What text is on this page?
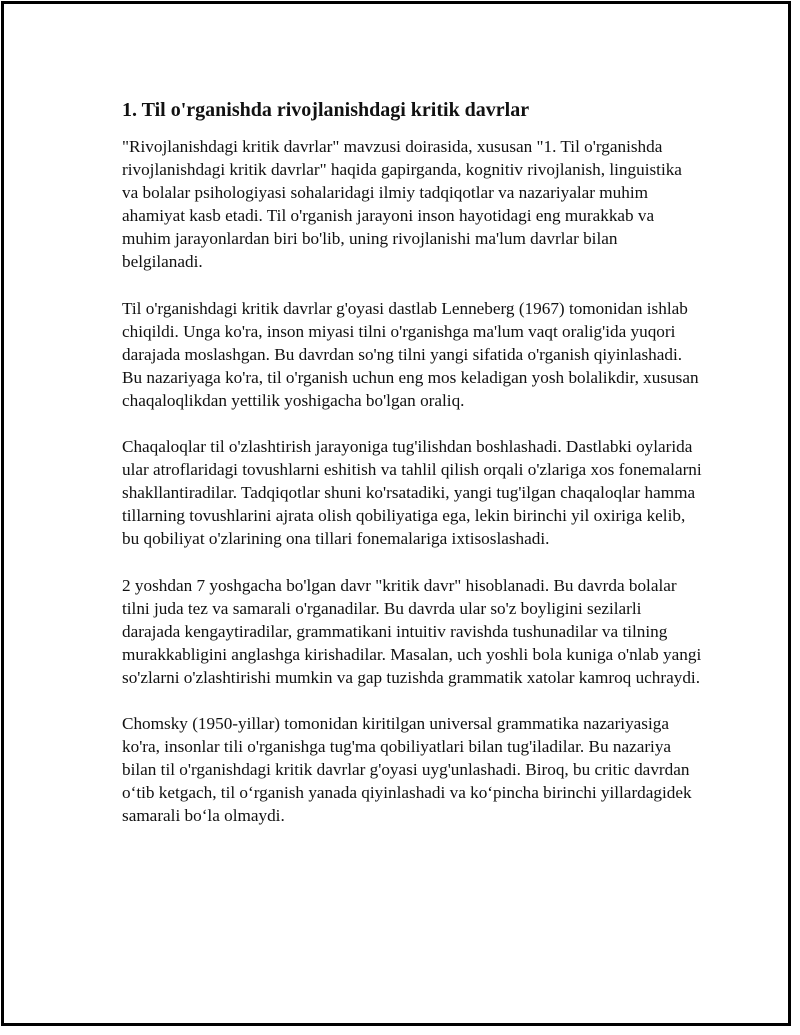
1. Til o'rganishda rivojlanishdagi kritik davrlar

"Rivojlanishdagi kritik davrlar" mavzusi doirasida, xususan "1. Til o'rganishda rivojlanishdagi kritik davrlar" haqida gapirganda, kognitiv rivojlanish, linguistika va bolalar psihologiyasi sohalaridagi ilmiy tadqiqotlar va nazariyalar muhim ahamiyat kasb etadi. Til o'rganish jarayoni inson hayotidagi eng murakkab va muhim jarayonlardan biri bo'lib, uning rivojlanishi ma'lum davrlar bilan belgilanadi.

Til o'rganishdagi kritik davrlar g'oyasi dastlab Lenneberg (1967) tomonidan ishlab chiqildi. Unga ko'ra, inson miyasi tilni o'rganishga ma'lum vaqt oralig'ida yuqori darajada moslashgan. Bu davrdan so'ng tilni yangi sifatida o'rganish qiyinlashadi. Bu nazariyaga ko'ra, til o'rganish uchun eng mos keladigan yosh bolalikdir, xususan chaqaloqlikdan yettilik yoshigacha bo'lgan oraliq.

Chaqaloqlar til o'zlashtirish jarayoniga tug'ilishdan boshlashadi. Dastlabki oylarida ular atroflaridagi tovushlarni eshitish va tahlil qilish orqali o'zlariga xos fonemalarni shakllantiradilar. Tadqiqotlar shuni ko'rsatadiki, yangi tug'ilgan chaqaloqlar hamma tillarning tovushlarini ajrata olish qobiliyatiga ega, lekin birinchi yil oxiriga kelib, bu qobiliyat o'zlarining ona tillari fonemalariga ixtisoslashadi.

2 yoshdan 7 yoshgacha bo'lgan davr "kritik davr" hisoblanadi. Bu davrda bolalar tilni juda tez va samarali o'rganadilar. Bu davrda ular so'z boyligini sezilarli darajada kengaytiradilar, grammatikani intuitiv ravishda tushunadilar va tilning murakkabligini anglashga kirishadilar. Masalan, uch yoshli bola kuniga o'nlab yangi so'zlarni o'zlashtirishi mumkin va gap tuzishda grammatik xatolar kamroq uchraydi.

Chomsky (1950-yillar) tomonidan kiritilgan universal grammatika nazariyasiga ko'ra, insonlar tili o'rganishga tug'ma qobiliyatlari bilan tug'iladilar. Bu nazariya bilan til o'rganishdagi kritik davrlar g'oyasi uyg'unlashadi. Biroq, bu critic davrdan o‘tib ketgach, til o‘rganish yanada qiyinlashadi va ko‘pincha birinchi yillardagidek samarali bo‘la olmaydi.
